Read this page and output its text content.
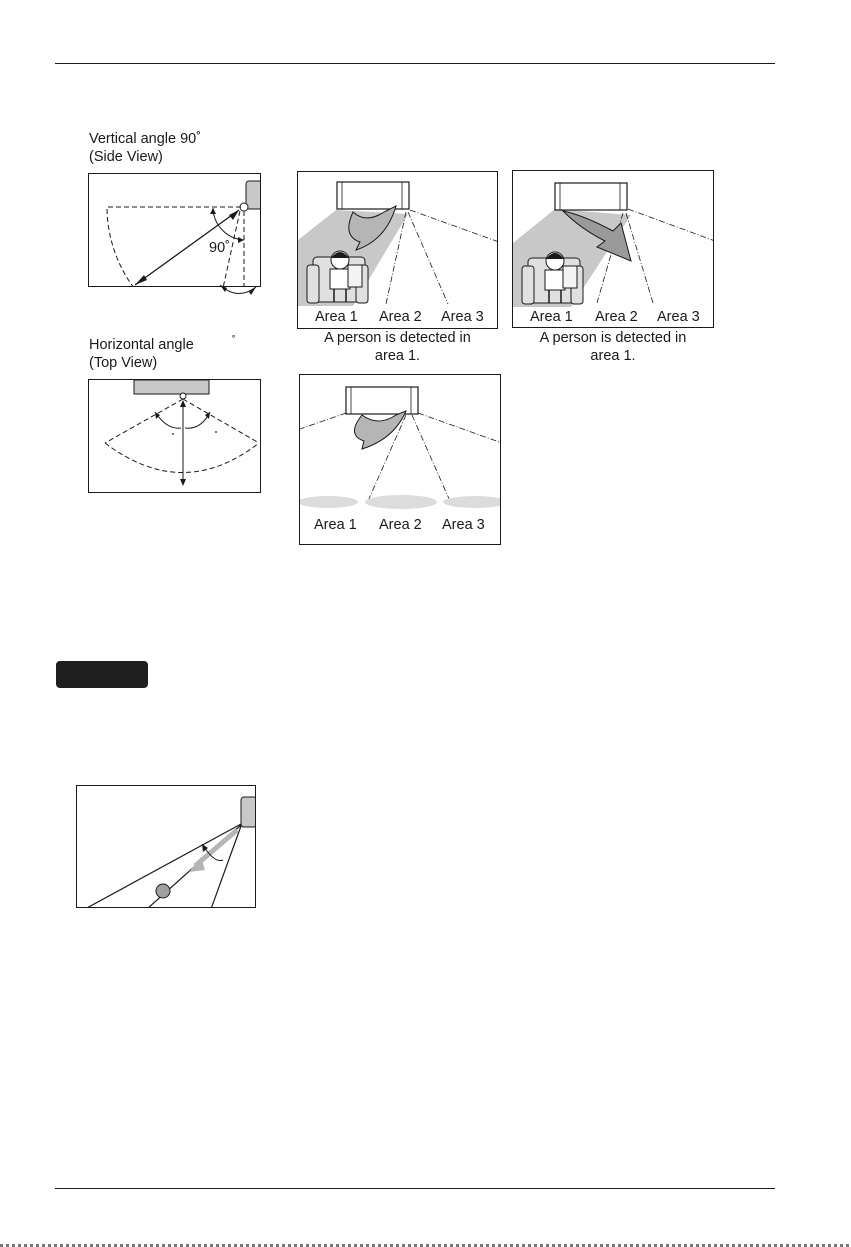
Vertical angle 90˚
(Side View)
90˚
Horizontal angle	˚
(Top View)
Area 1 Area 2 Area 3
A person is detected in
area 1.
Area 1 Area 2 Area 3
A person is detected in
area 1.
Area 1 Area 2 Area 3
